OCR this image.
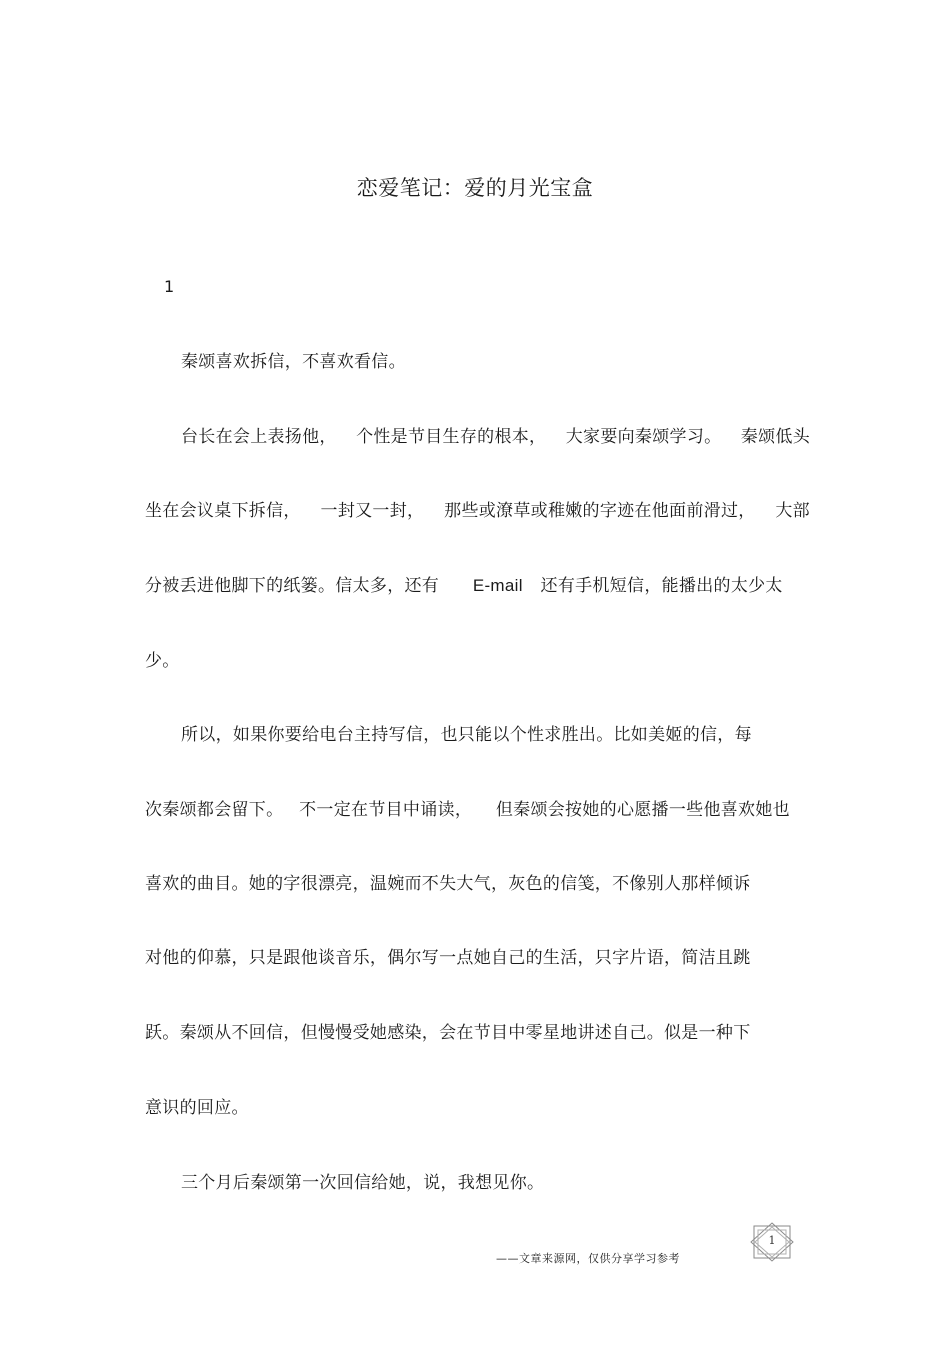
恋爱笔记：爱的月光宝盒
1
秦颂喜欢拆信，不喜欢看信。
台长在会上表扬他， 个性是节目生存的根本， 大家要向秦颂学习。 秦颂低头
坐在会议桌下拆信， 一封又一封， 那些或潦草或稚嫩的字迹在他面前滑过， 大部
分被丢进他脚下的纸篓。信太多，还有 E-mail 还有手机短信，能播出的太少太
少。
所以，如果你要给电台主持写信，也只能以个性求胜出。比如美姬的信，每
次秦颂都会留下。 不一定在节目中诵读， 但秦颂会按她的心愿播一些他喜欢她也
喜欢的曲目。她的字很漂亮，温婉而不失大气，灰色的信笺，不像别人那样倾诉
对他的仰慕，只是跟他谈音乐，偶尔写一点她自己的生活，只字片语，简洁且跳
跃。秦颂从不回信，但慢慢受她感染，会在节目中零星地讲述自己。似是一种下
意识的回应。
三个月后秦颂第一次回信给她，说，我想见你。
——文章来源网，仅供分享学习参考
1
